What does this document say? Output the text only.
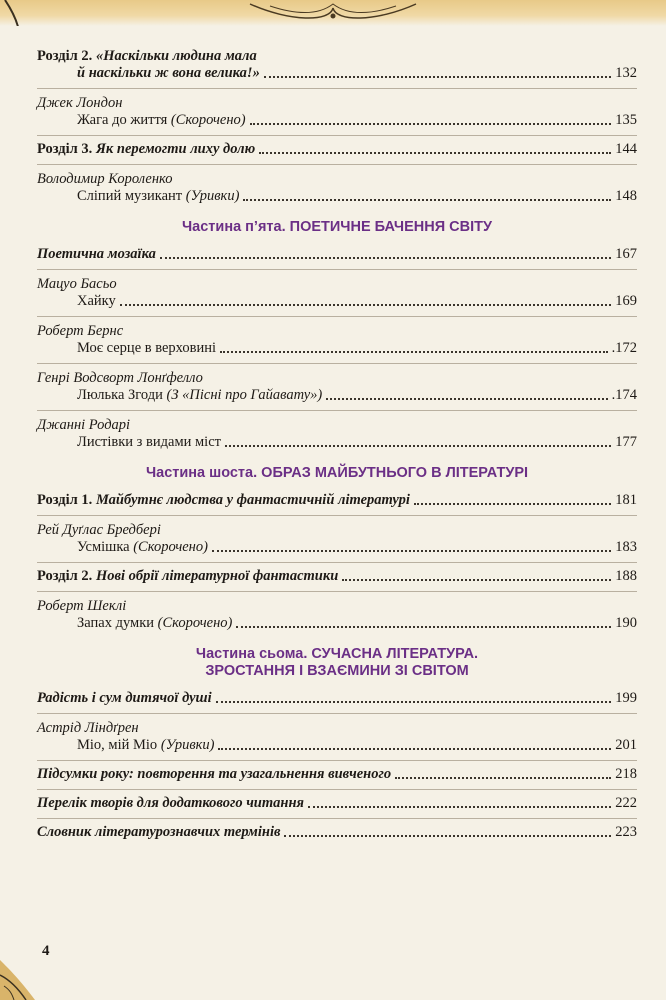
Розділ 2. «Наскільки людина мала
й наскільки ж вона велика!»	132
Джек Лондон
Жага до життя (Скорочено)	135
Розділ 3. Як перемогти лиху долю	144
Володимир Короленко
Сліпий музикант (Уривки)	148
Частина п’ята. ПОЕТИЧНЕ БАЧЕННЯ СВІТУ
Поетична мозаїка	167
Мацуо Басьо
Хайку	169
Роберт Бернс
Моє серце в верховині	.172
Генрі Водсворт Лонґфелло
Люлька Згоди (З «Пісні про Гайавату»)	.174
Джанні Родарі
Листівки з видами міст	177
Частина шоста. ОБРАЗ МАЙБУТНЬОГО В ЛІТЕРАТУРІ
Розділ 1. Майбутнє людства у фантастичній літературі	181
Рей Дуґлас Бредбері
Усмішка (Скорочено)	183
Розділ 2. Нові обрії літературної фантастики	188
Роберт Шеклі
Запах думки (Скорочено)	190
Частина сьома. СУЧАСНА ЛІТЕРАТУРА.
ЗРОСТАННЯ І ВЗАЄМИНИ ЗІ СВІТОМ
Радість і сум дитячої душі	199
Астрід Ліндґрен
Міо, мій Міо (Уривки)	201
Підсумки року: повторення та узагальнення вивченого	218
Перелік творів для додаткового читання	222
Словник літературознавчих термінів	223
4
